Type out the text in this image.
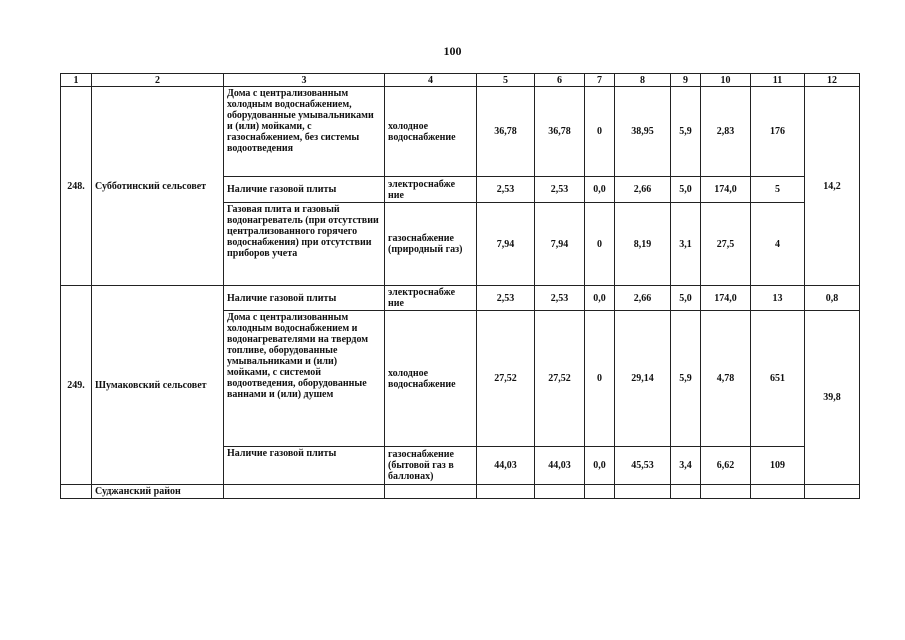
100
1	2	3	4	5	6	7	8	9	10	11	12
248.	Субботинский сельсовет	Дома с централизованным холодным водоснабжением, оборудованные умывальниками и (или) мойками, с газоснабжением, без системы водоотведения	холодное водоснабжение	36,78	36,78	0	38,95	5,9	2,83	176	14,2
		Наличие газовой плиты	электроснабже ние	2,53	2,53	0,0	2,66	5,0	174,0	5	
		Газовая плита и газовый водонагреватель (при отсутствии централизованного горячего водоснабжения) при отсутствии приборов учета	газоснабжение (природный газ)	7,94	7,94	0	8,19	3,1	27,5	4	
249.	Шумаковский сельсовет	Наличие газовой плиты	электроснабже ние	2,53	2,53	0,0	2,66	5,0	174,0	13	0,8
		Дома с централизованным холодным водоснабжением и водонагревателями на твердом топливе, оборудованные умывальниками и (или) мойками, с системой водоотведения, оборудованные ваннами и (или) душем	холодное водоснабжение	27,52	27,52	0	29,14	5,9	4,78	651	39,8
		Наличие газовой плиты	газоснабжение (бытовой газ в баллонах)	44,03	44,03	0,0	45,53	3,4	6,62	109	
	Суджанский район										
